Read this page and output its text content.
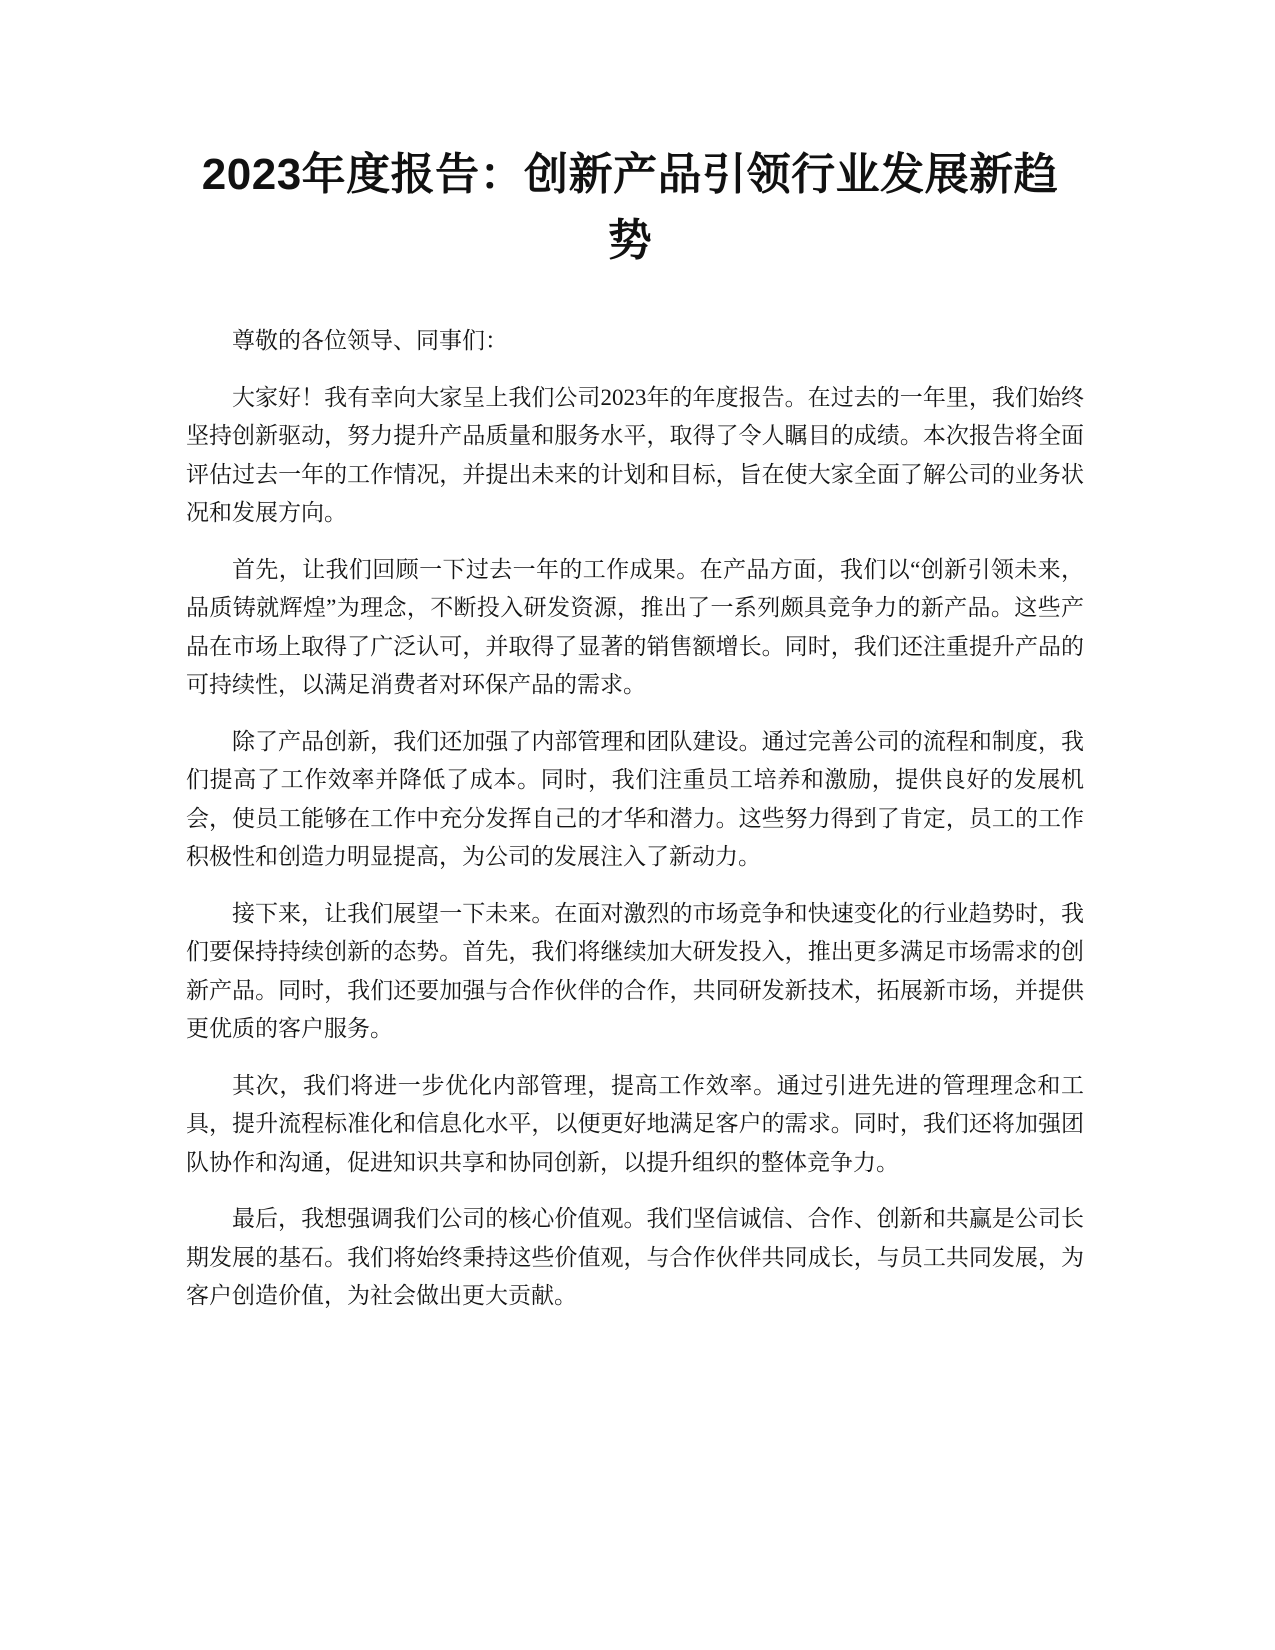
2023年度报告：创新产品引领行业发展新趋势

尊敬的各位领导、同事们：

大家好！我有幸向大家呈上我们公司2023年的年度报告。在过去的一年里，我们始终坚持创新驱动，努力提升产品质量和服务水平，取得了令人瞩目的成绩。本次报告将全面评估过去一年的工作情况，并提出未来的计划和目标，旨在使大家全面了解公司的业务状况和发展方向。

首先，让我们回顾一下过去一年的工作成果。在产品方面，我们以“创新引领未来，品质铸就辉煌”为理念，不断投入研发资源，推出了一系列颇具竞争力的新产品。这些产品在市场上取得了广泛认可，并取得了显著的销售额增长。同时，我们还注重提升产品的可持续性，以满足消费者对环保产品的需求。

除了产品创新，我们还加强了内部管理和团队建设。通过完善公司的流程和制度，我们提高了工作效率并降低了成本。同时，我们注重员工培养和激励，提供良好的发展机会，使员工能够在工作中充分发挥自己的才华和潜力。这些努力得到了肯定，员工的工作积极性和创造力明显提高，为公司的发展注入了新动力。

接下来，让我们展望一下未来。在面对激烈的市场竞争和快速变化的行业趋势时，我们要保持持续创新的态势。首先，我们将继续加大研发投入，推出更多满足市场需求的创新产品。同时，我们还要加强与合作伙伴的合作，共同研发新技术，拓展新市场，并提供更优质的客户服务。

其次，我们将进一步优化内部管理，提高工作效率。通过引进先进的管理理念和工具，提升流程标准化和信息化水平，以便更好地满足客户的需求。同时，我们还将加强团队协作和沟通，促进知识共享和协同创新，以提升组织的整体竞争力。

最后，我想强调我们公司的核心价值观。我们坚信诚信、合作、创新和共赢是公司长期发展的基石。我们将始终秉持这些价值观，与合作伙伴共同成长，与员工共同发展，为客户创造价值，为社会做出更大贡献。
